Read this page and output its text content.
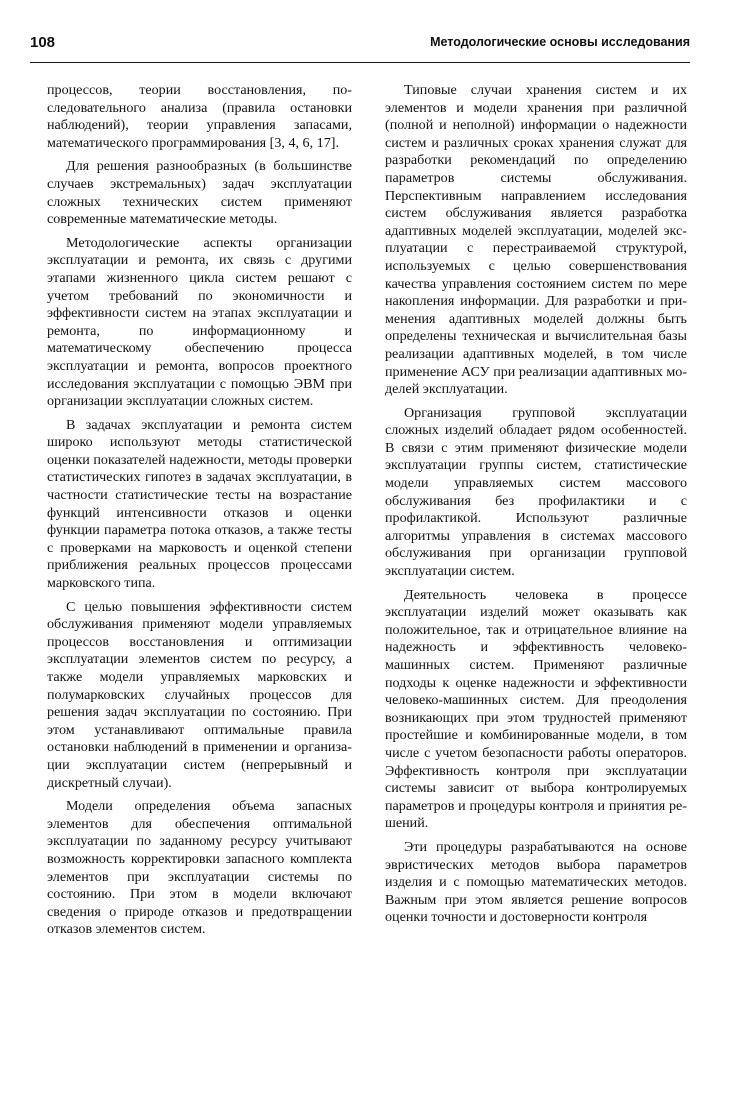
108	Методологические основы исследования

процессов, теории восстановления, последовательного анализа (правила остановки наблюдений), теории управления запасами, математического программирования [3, 4, 6, 17].

Для решения разнообразных (в большинстве случаев экстремальных) задач эксплуатации сложных технических систем применяют современные математические методы.

Методологические аспекты организации эксплуатации и ремонта, их связь с другими этапами жизненного цикла систем решают с учетом требований по экономичности и эффективности систем на этапах эксплуатации и ремонта, по информационному и математическому обеспечению процесса эксплуатации и ремонта, вопросов проектного исследования эксплуатации с помощью ЭВМ при организации эксплуатации сложных систем.

В задачах эксплуатации и ремонта систем широко используют методы статистической оценки показателей надежности, методы проверки статистических гипотез в задачах эксплуатации, в частности статистические тесты на возрастание функций интенсивности отказов и оценки функции параметра потока отказов, а также тесты с проверками на марковость и оценкой степени приближения реальных процессов процессами марковского типа.

С целью повышения эффективности систем обслуживания применяют модели управляемых процессов восстановления и оптимизации эксплуатации элементов систем по ресурсу, а также модели управляемых марковских и полумарковских случайных процессов для решения задач эксплуатации по состоянию. При этом устанавливают оптимальные правила остановки наблюдений в применении и организации эксплуатации систем (непрерывный и дискретный случаи).

Модели определения объема запасных элементов для обеспечения оптимальной эксплуатации по заданному ресурсу учитывают возможность корректировки запасного комплекта элементов при эксплуатации системы по состоянию. При этом в модели включают сведения о природе отказов и предотвращении отказов элементов систем.

Типовые случаи хранения систем и их элементов и модели хранения при различной (полной и неполной) информации о надежности систем и различных сроках хранения служат для разработки рекомендаций по определению параметров системы обслуживания. Перспективным направлением исследования систем обслуживания является разработка адаптивных моделей эксплуатации, моделей эксплуатации с перестраиваемой структурой, используемых с целью совершенствования качества управления состоянием систем по мере накопления информации. Для разработки и применения адаптивных моделей должны быть определены техническая и вычислительная базы реализации адаптивных моделей, в том числе применение АСУ при реализации адаптивных моделей эксплуатации.

Организация групповой эксплуатации сложных изделий обладает рядом особенностей. В связи с этим применяют физические модели эксплуатации группы систем, статистические модели управляемых систем массового обслуживания без профилактики и с профилактикой. Используют различные алгоритмы управления в системах массового обслуживания при организации групповой эксплуатации систем.

Деятельность человека в процессе эксплуатации изделий может оказывать как положительное, так и отрицательное влияние на надежность и эффективность человеко-машинных систем. Применяют различные подходы к оценке надежности и эффективности человеко-машинных систем. Для преодоления возникающих при этом трудностей применяют простейшие и комбинированные модели, в том числе с учетом безопасности работы операторов. Эффективность контроля при эксплуатации системы зависит от выбора контролируемых параметров и процедуры контроля и принятия решений.

Эти процедуры разрабатываются на основе эвристических методов выбора параметров изделия и с помощью математических методов. Важным при этом является решение вопросов оценки точности и достоверности контроля
